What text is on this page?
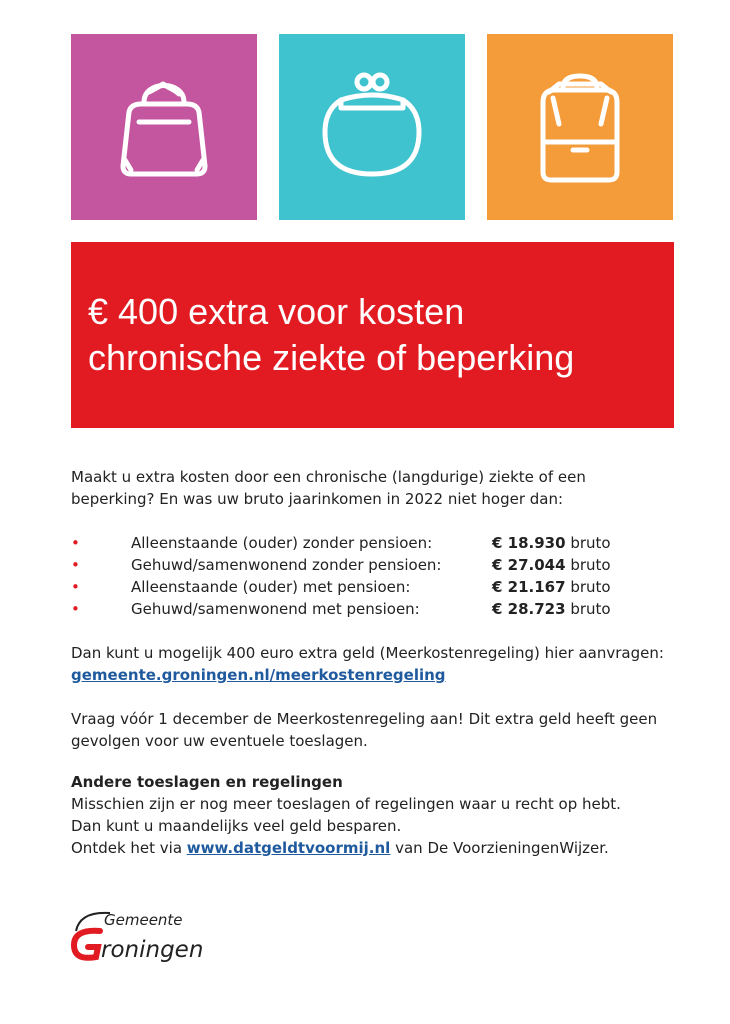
€ 400 extra voor kosten
chronische ziekte of beperking

Maakt u extra kosten door een chronische (langdurige) ziekte of een beperking? En was uw bruto jaarinkomen in 2022 niet hoger dan:

•	Alleenstaande (ouder) zonder pensioen:	€ 18.930 bruto
•	Gehuwd/samenwonend zonder pensioen:	€ 27.044 bruto
•	Alleenstaande (ouder) met pensioen:	€ 21.167 bruto
•	Gehuwd/samenwonend met pensioen:	€ 28.723 bruto

Dan kunt u mogelijk 400 euro extra geld (Meerkostenregeling) hier aanvragen: gemeente.groningen.nl/meerkostenregeling

Vraag vóór 1 december de Meerkostenregeling aan! Dit extra geld heeft geen gevolgen voor uw eventuele toeslagen.

Andere toeslagen en regelingen

Misschien zijn er nog meer toeslagen of regelingen waar u recht op hebt.

Dan kunt u maandelijks veel geld besparen.

Ontdek het via www.datgeldtvoormij.nl van De VoorzieningenWijzer.

Gemeente
roningen
